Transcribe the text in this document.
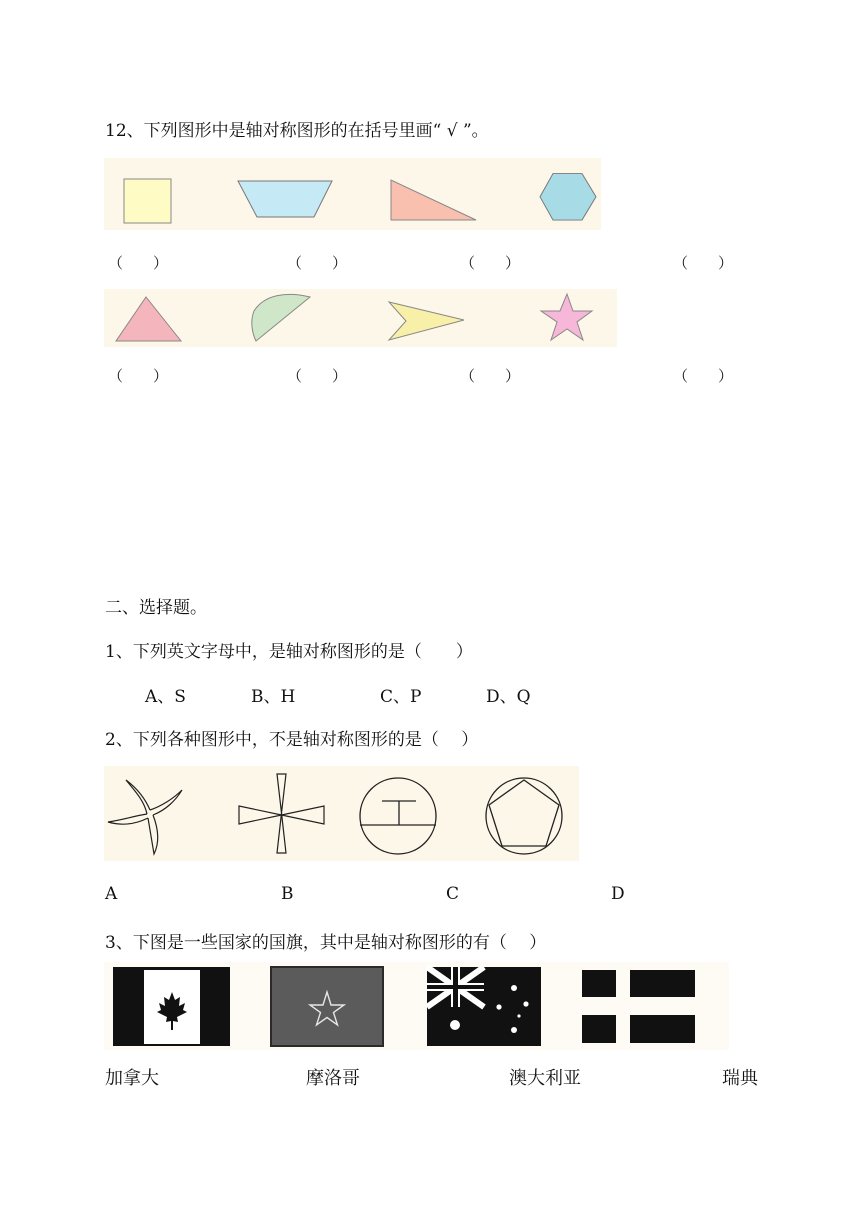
12、下列图形中是轴对称图形的在括号里画“ √ ”。
（　　）	（　　）	（　　）	（　　）
（　　）	（　　）	（　　）	（　　）
二、选择题。
1、下列英文字母中，是轴对称图形的是（　　）
A、S	B、H	C、P	D、Q
2、下列各种图形中，不是轴对称图形的是（　 ）
A	B	C	D
3、下图是一些国家的国旗，其中是轴对称图形的有（　 ）
加拿大	摩洛哥	澳大利亚	瑞典
